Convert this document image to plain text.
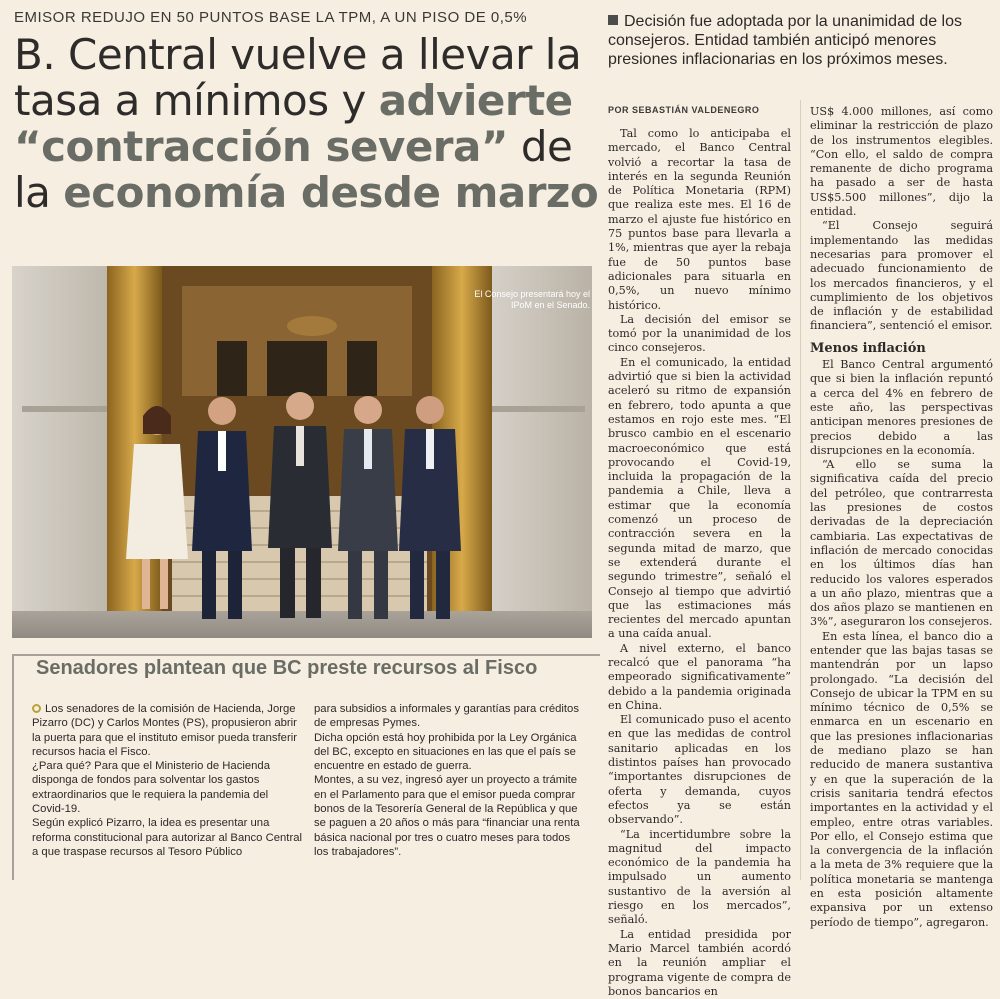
EMISOR REDUJO EN 50 PUNTOS BASE LA TPM, A UN PISO DE 0,5%
B. Central vuelve a llevar la tasa a mínimos y advierte “contracción severa” de la economía desde marzo
Decisión fue adoptada por la unanimidad de los consejeros. Entidad también anticipó menores presiones inflacionarias en los próximos meses.
POR SEBASTIÁN VALDENEGRO

Tal como lo anticipaba el mercado, el Banco Central volvió a recortar la tasa de interés en la segunda Reunión de Política Monetaria (RPM) que realiza este mes. El 16 de marzo el ajuste fue histórico en 75 puntos base para llevarla a 1%, mientras que ayer la rebaja fue de 50 puntos base adicionales para situarla en 0,5%, un nuevo mínimo histórico.

La decisión del emisor se tomó por la unanimidad de los cinco consejeros.

En el comunicado, la entidad advirtió que si bien la actividad aceleró su ritmo de expansión en febrero, todo apunta a que estamos en rojo este mes. “El brusco cambio en el escenario macroeconómico que está provocando el Covid-19, incluida la propagación de la pandemia a Chile, lleva a estimar que la economía comenzó un proceso de contracción severa en la segunda mitad de marzo, que se extenderá durante el segundo trimestre”, señaló el Consejo al tiempo que advirtió que las estimaciones más recientes del mercado apuntan a una caída anual.

A nivel externo, el banco recalcó que el panorama “ha empeorado significativamente” debido a la pandemia originada en China.

El comunicado puso el acento en que las medidas de control sanitario aplicadas en los distintos países han provocado “importantes disrupciones de oferta y demanda, cuyos efectos ya se están observando”.

“La incertidumbre sobre la magnitud del impacto económico de la pandemia ha impulsado un aumento sustantivo de la aversión al riesgo en los mercados”, señaló.

La entidad presidida por Mario Marcel también acordó en la reunión ampliar el programa vigente de compra de bonos bancarios en

US$ 4.000 millones, así como eliminar la restricción de plazo de los instrumentos elegibles. “Con ello, el saldo de compra remanente de dicho programa ha pasado a ser de hasta US$5.500 millones”, dijo la entidad.

“El Consejo seguirá implementando las medidas necesarias para promover el adecuado funcionamiento de los mercados financieros, y el cumplimiento de los objetivos de inflación y de estabilidad financiera”, sentenció el emisor.

Menos inflación

El Banco Central argumentó que si bien la inflación repuntó a cerca del 4% en febrero de este año, las perspectivas anticipan menores presiones de precios debido a las disrupciones en la economía.

“A ello se suma la significativa caída del precio del petróleo, que contrarresta las presiones de costos derivadas de la depreciación cambiaria. Las expectativas de inflación de mercado conocidas en los últimos días han reducido los valores esperados a un año plazo, mientras que a dos años plazo se mantienen en 3%”, aseguraron los consejeros.

En esta línea, el banco dio a entender que las bajas tasas se mantendrán por un lapso prolongado. “La decisión del Consejo de ubicar la TPM en su mínimo técnico de 0,5% se enmarca en un escenario en que las presiones inflacionarias de mediano plazo se han reducido de manera sustantiva y en que la superación de la crisis sanitaria tendrá efectos importantes en la actividad y el empleo, entre otras variables. Por ello, el Consejo estima que la convergencia de la inflación a la meta de 3% requiere que la política monetaria se mantenga en esta posición altamente expansiva por un extenso período de tiempo”, agregaron.

El Consejo presentará hoy el IPoM en el Senado.
Senadores plantean que BC preste recursos al Fisco

Los senadores de la comisión de Hacienda, Jorge Pizarro (DC) y Carlos Montes (PS), propusieron abrir la puerta para que el instituto emisor pueda transferir recursos hacia el Fisco.

¿Para qué? Para que el Ministerio de Hacienda disponga de fondos para solventar los gastos extraordinarios que le requiera la pandemia del Covid-19.

Según explicó Pizarro, la idea es presentar una reforma constitucional para autorizar al Banco Central a que traspase recursos al Tesoro Público

para subsidios a informales y garantías para créditos de empresas Pymes.

Dicha opción está hoy prohibida por la Ley Orgánica del BC, excepto en situaciones en las que el país se encuentre en estado de guerra.

Montes, a su vez, ingresó ayer un proyecto a trámite en el Parlamento para que el emisor pueda comprar bonos de la Tesorería General de la República y que se paguen a 20 años o más para “financiar una renta básica nacional por tres o cuatro meses para todos los trabajadores”.
